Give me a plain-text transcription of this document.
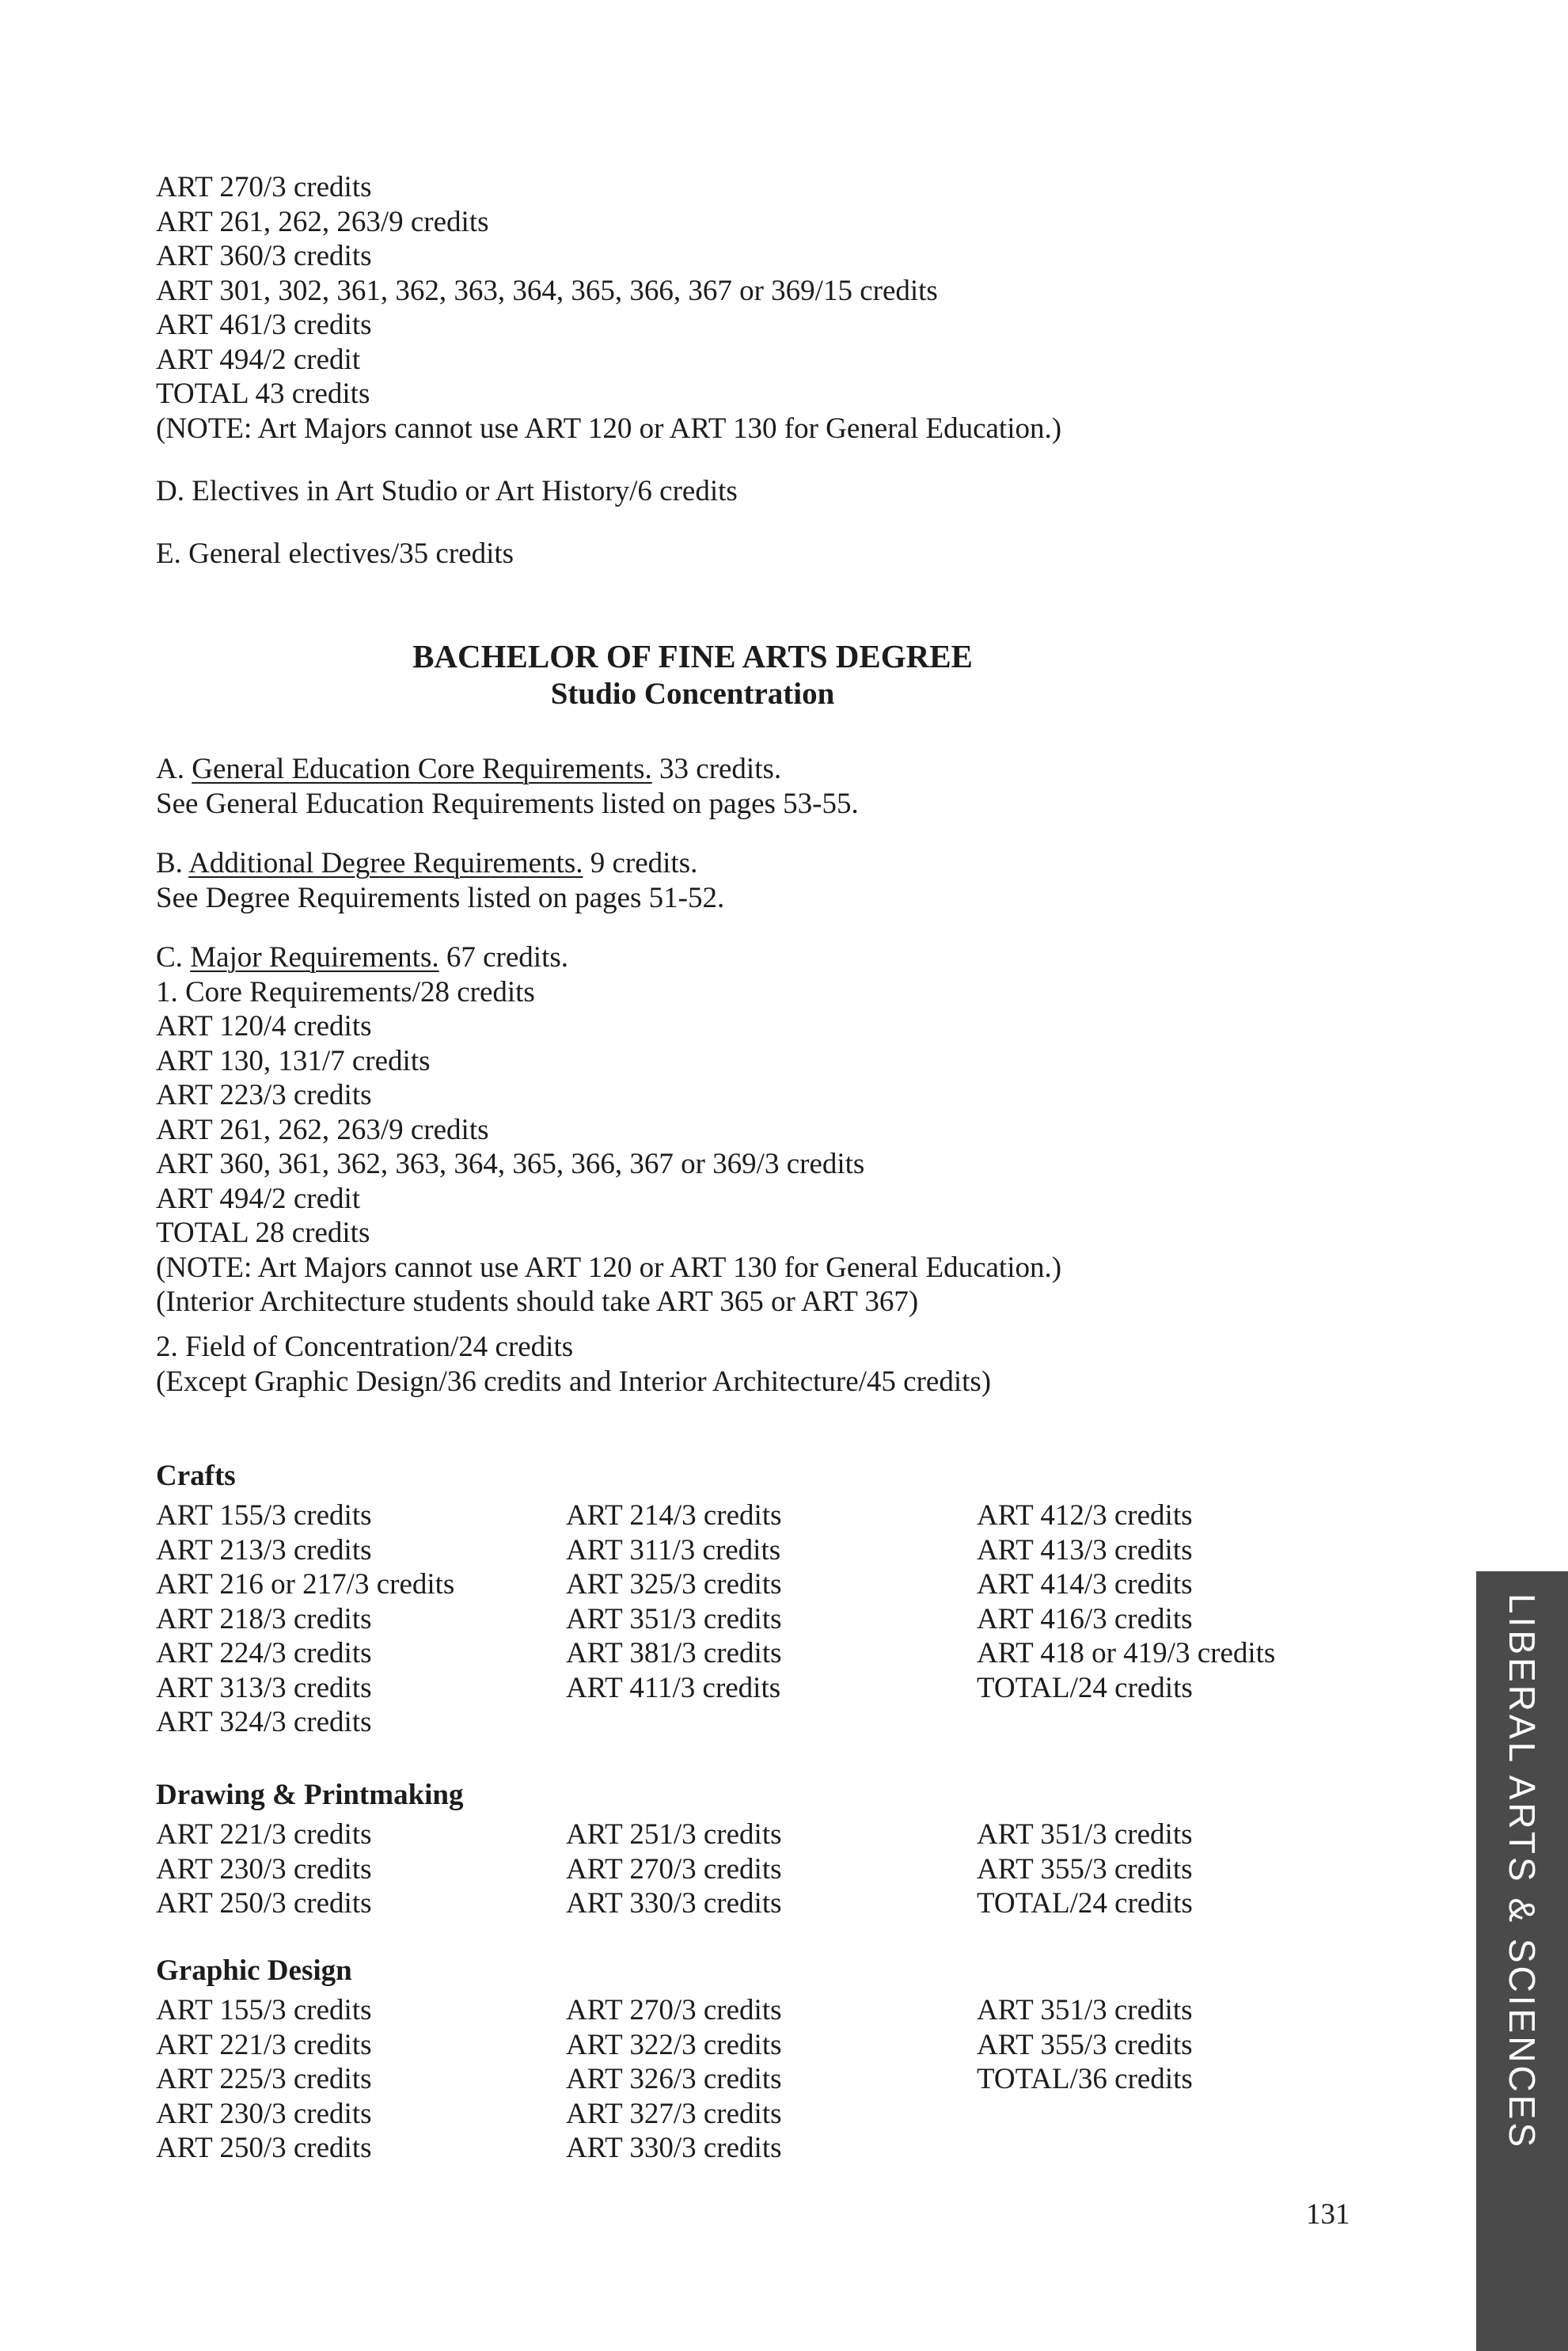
ART 270/3 credits
ART 261, 262, 263/9 credits
ART 360/3 credits
ART 301, 302, 361, 362, 363, 364, 365, 366, 367 or 369/15 credits
ART 461/3 credits
ART 494/2 credit
TOTAL 43 credits
(NOTE: Art Majors cannot use ART 120 or ART 130 for General Education.)
D. Electives in Art Studio or Art History/6 credits
E. General electives/35 credits
BACHELOR OF FINE ARTS DEGREE
Studio Concentration
A. General Education Core Requirements. 33 credits.
See General Education Requirements listed on pages 53-55.
B. Additional Degree Requirements. 9 credits.
See Degree Requirements listed on pages 51-52.
C. Major Requirements. 67 credits.
1. Core Requirements/28 credits
ART 120/4 credits
ART 130, 131/7 credits
ART 223/3 credits
ART 261, 262, 263/9 credits
ART 360, 361, 362, 363, 364, 365, 366, 367 or 369/3 credits
ART 494/2 credit
TOTAL 28 credits
(NOTE: Art Majors cannot use ART 120 or ART 130 for General Education.)
(Interior Architecture students should take ART 365 or ART 367)
2. Field of Concentration/24 credits
(Except Graphic Design/36 credits and Interior Architecture/45 credits)
Crafts
ART 155/3 credits
ART 213/3 credits
ART 216 or 217/3 credits
ART 218/3 credits
ART 224/3 credits
ART 313/3 credits
ART 324/3 credits
ART 214/3 credits
ART 311/3 credits
ART 325/3 credits
ART 351/3 credits
ART 381/3 credits
ART 411/3 credits
ART 412/3 credits
ART 413/3 credits
ART 414/3 credits
ART 416/3 credits
ART 418 or 419/3 credits
TOTAL/24 credits
Drawing & Printmaking
ART 221/3 credits
ART 230/3 credits
ART 250/3 credits
ART 251/3 credits
ART 270/3 credits
ART 330/3 credits
ART 351/3 credits
ART 355/3 credits
TOTAL/24 credits
Graphic Design
ART 155/3 credits
ART 221/3 credits
ART 225/3 credits
ART 230/3 credits
ART 250/3 credits
ART 270/3 credits
ART 322/3 credits
ART 326/3 credits
ART 327/3 credits
ART 330/3 credits
ART 351/3 credits
ART 355/3 credits
TOTAL/36 credits
131
LIBERAL ARTS & SCIENCES
